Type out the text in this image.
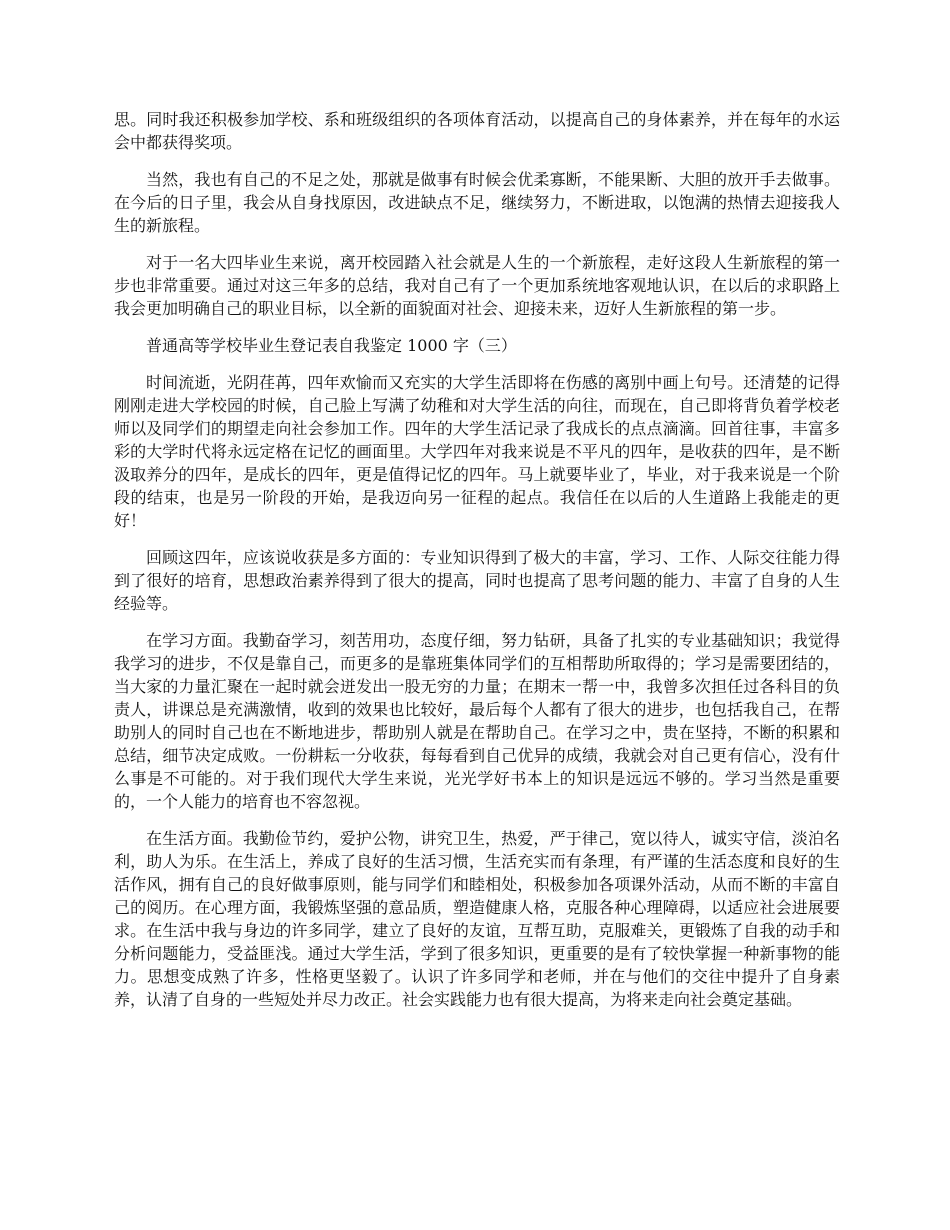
思。同时我还积极参加学校、系和班级组织的各项体育活动，以提高自己的身体素养，并在每年的水运会中都获得奖项。

当然，我也有自己的不足之处，那就是做事有时候会优柔寡断，不能果断、大胆的放开手去做事。在今后的日子里，我会从自身找原因，改进缺点不足，继续努力，不断进取，以饱满的热情去迎接我人生的新旅程。

对于一名大四毕业生来说，离开校园踏入社会就是人生的一个新旅程，走好这段人生新旅程的第一步也非常重要。通过对这三年多的总结，我对自己有了一个更加系统地客观地认识，在以后的求职路上我会更加明确自己的职业目标，以全新的面貌面对社会、迎接未来，迈好人生新旅程的第一步。

普通高等学校毕业生登记表自我鉴定 1000 字（三）

时间流逝，光阴荏苒，四年欢愉而又充实的大学生活即将在伤感的离别中画上句号。还清楚的记得刚刚走进大学校园的时候，自己脸上写满了幼稚和对大学生活的向往，而现在，自己即将背负着学校老师以及同学们的期望走向社会参加工作。四年的大学生活记录了我成长的点点滴滴。回首往事，丰富多彩的大学时代将永远定格在记忆的画面里。大学四年对我来说是不平凡的四年，是收获的四年，是不断汲取养分的四年，是成长的四年，更是值得记忆的四年。马上就要毕业了，毕业，对于我来说是一个阶段的结束，也是另一阶段的开始，是我迈向另一征程的起点。我信任在以后的人生道路上我能走的更好！

回顾这四年，应该说收获是多方面的：专业知识得到了极大的丰富，学习、工作、人际交往能力得到了很好的培育，思想政治素养得到了很大的提高，同时也提高了思考问题的能力、丰富了自身的人生经验等。

在学习方面。我勤奋学习，刻苦用功，态度仔细，努力钻研，具备了扎实的专业基础知识；我觉得我学习的进步，不仅是靠自己，而更多的是靠班集体同学们的互相帮助所取得的；学习是需要团结的，当大家的力量汇聚在一起时就会迸发出一股无穷的力量；在期末一帮一中，我曾多次担任过各科目的负责人，讲课总是充满激情，收到的效果也比较好，最后每个人都有了很大的进步，也包括我自己，在帮助别人的同时自己也在不断地进步，帮助别人就是在帮助自己。在学习之中，贵在坚持，不断的积累和总结，细节决定成败。一份耕耘一分收获，每每看到自己优异的成绩，我就会对自己更有信心，没有什么事是不可能的。对于我们现代大学生来说，光光学好书本上的知识是远远不够的。学习当然是重要的，一个人能力的培育也不容忽视。

在生活方面。我勤俭节约，爱护公物，讲究卫生，热爱，严于律己，宽以待人，诚实守信，淡泊名利，助人为乐。在生活上，养成了良好的生活习惯，生活充实而有条理，有严谨的生活态度和良好的生活作风，拥有自己的良好做事原则，能与同学们和睦相处，积极参加各项课外活动，从而不断的丰富自己的阅历。在心理方面，我锻炼坚强的意品质，塑造健康人格，克服各种心理障碍，以适应社会进展要求。在生活中我与身边的许多同学，建立了良好的友谊，互帮互助，克服难关，更锻炼了自我的动手和分析问题能力，受益匪浅。通过大学生活，学到了很多知识，更重要的是有了较快掌握一种新事物的能力。思想变成熟了许多，性格更坚毅了。认识了许多同学和老师，并在与他们的交往中提升了自身素养，认清了自身的一些短处并尽力改正。社会实践能力也有很大提高，为将来走向社会奠定基础。
